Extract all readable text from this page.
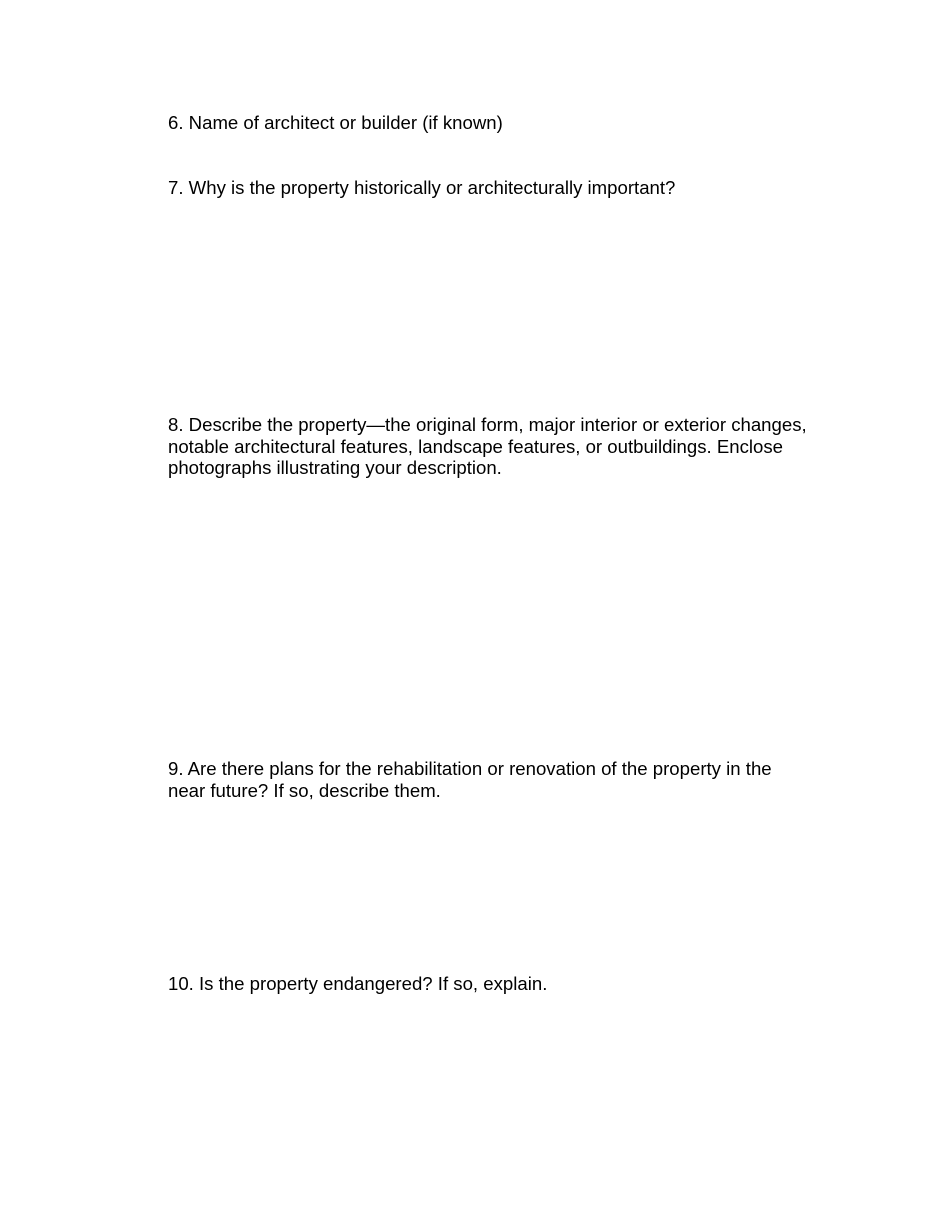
6. Name of architect or builder (if known)

7. Why is the property historically or architecturally important?

8. Describe the property—the original form, major interior or exterior changes, notable architectural features, landscape features, or outbuildings. Enclose photographs illustrating your description.

9. Are there plans for the rehabilitation or renovation of the property in the near future? If so, describe them.

10. Is the property endangered? If so, explain.
